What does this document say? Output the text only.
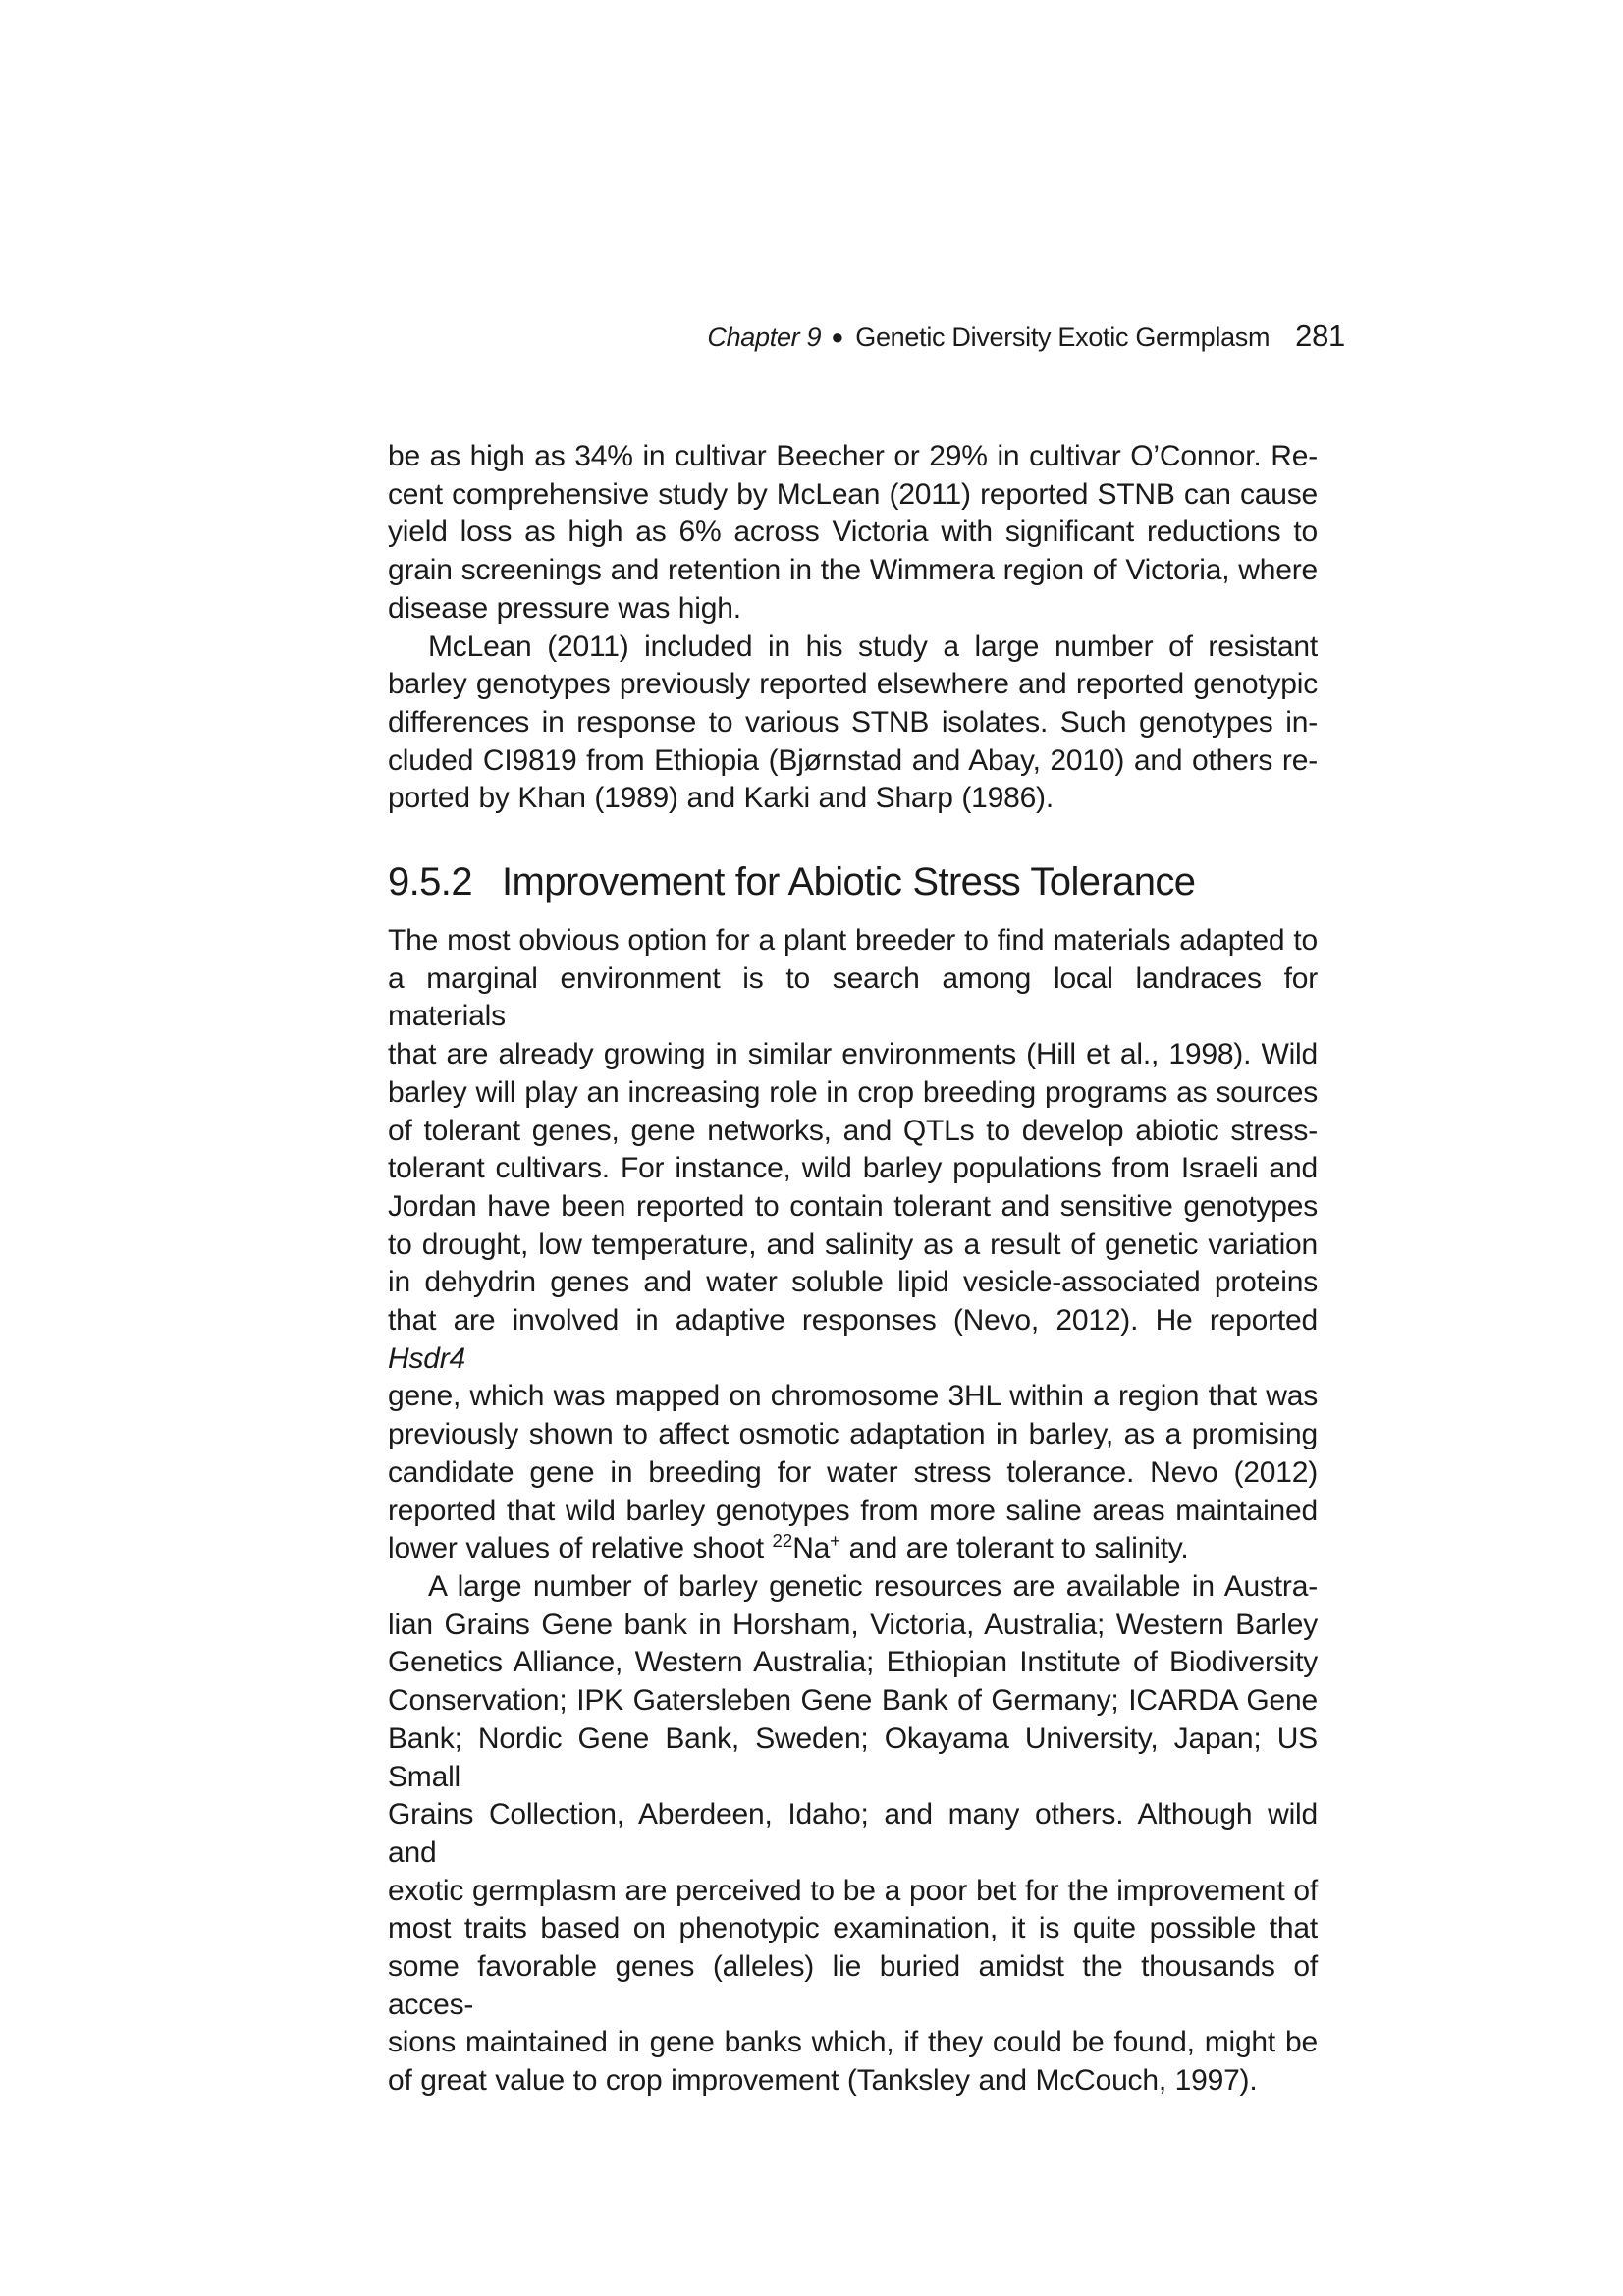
Chapter 9 ● Genetic Diversity Exotic Germplasm 281
be as high as 34% in cultivar Beecher or 29% in cultivar O’Connor. Re-
cent comprehensive study by McLean (2011) reported STNB can cause
yield loss as high as 6% across Victoria with significant reductions to
grain screenings and retention in the Wimmera region of Victoria, where
disease pressure was high.
McLean (2011) included in his study a large number of resistant
barley genotypes previously reported elsewhere and reported genotypic
differences in response to various STNB isolates. Such genotypes in-
cluded CI9819 from Ethiopia (Bjørnstad and Abay, 2010) and others re-
ported by Khan (1989) and Karki and Sharp (1986).
9.5.2 Improvement for Abiotic Stress Tolerance
The most obvious option for a plant breeder to find materials adapted to
a marginal environment is to search among local landraces for materials
that are already growing in similar environments (Hill et al., 1998). Wild
barley will play an increasing role in crop breeding programs as sources
of tolerant genes, gene networks, and QTLs to develop abiotic stress-
tolerant cultivars. For instance, wild barley populations from Israeli and
Jordan have been reported to contain tolerant and sensitive genotypes
to drought, low temperature, and salinity as a result of genetic variation
in dehydrin genes and water soluble lipid vesicle-associated proteins
that are involved in adaptive responses (Nevo, 2012). He reported Hsdr4
gene, which was mapped on chromosome 3HL within a region that was
previously shown to affect osmotic adaptation in barley, as a promising
candidate gene in breeding for water stress tolerance. Nevo (2012)
reported that wild barley genotypes from more saline areas maintained
lower values of relative shoot $^{22}$Na+ and are tolerant to salinity.
A large number of barley genetic resources are available in Austra-
lian Grains Gene bank in Horsham, Victoria, Australia; Western Barley
Genetics Alliance, Western Australia; Ethiopian Institute of Biodiversity
Conservation; IPK Gatersleben Gene Bank of Germany; ICARDA Gene
Bank; Nordic Gene Bank, Sweden; Okayama University, Japan; US Small
Grains Collection, Aberdeen, Idaho; and many others. Although wild and
exotic germplasm are perceived to be a poor bet for the improvement of
most traits based on phenotypic examination, it is quite possible that
some favorable genes (alleles) lie buried amidst the thousands of acces-
sions maintained in gene banks which, if they could be found, might be
of great value to crop improvement (Tanksley and McCouch, 1997).
